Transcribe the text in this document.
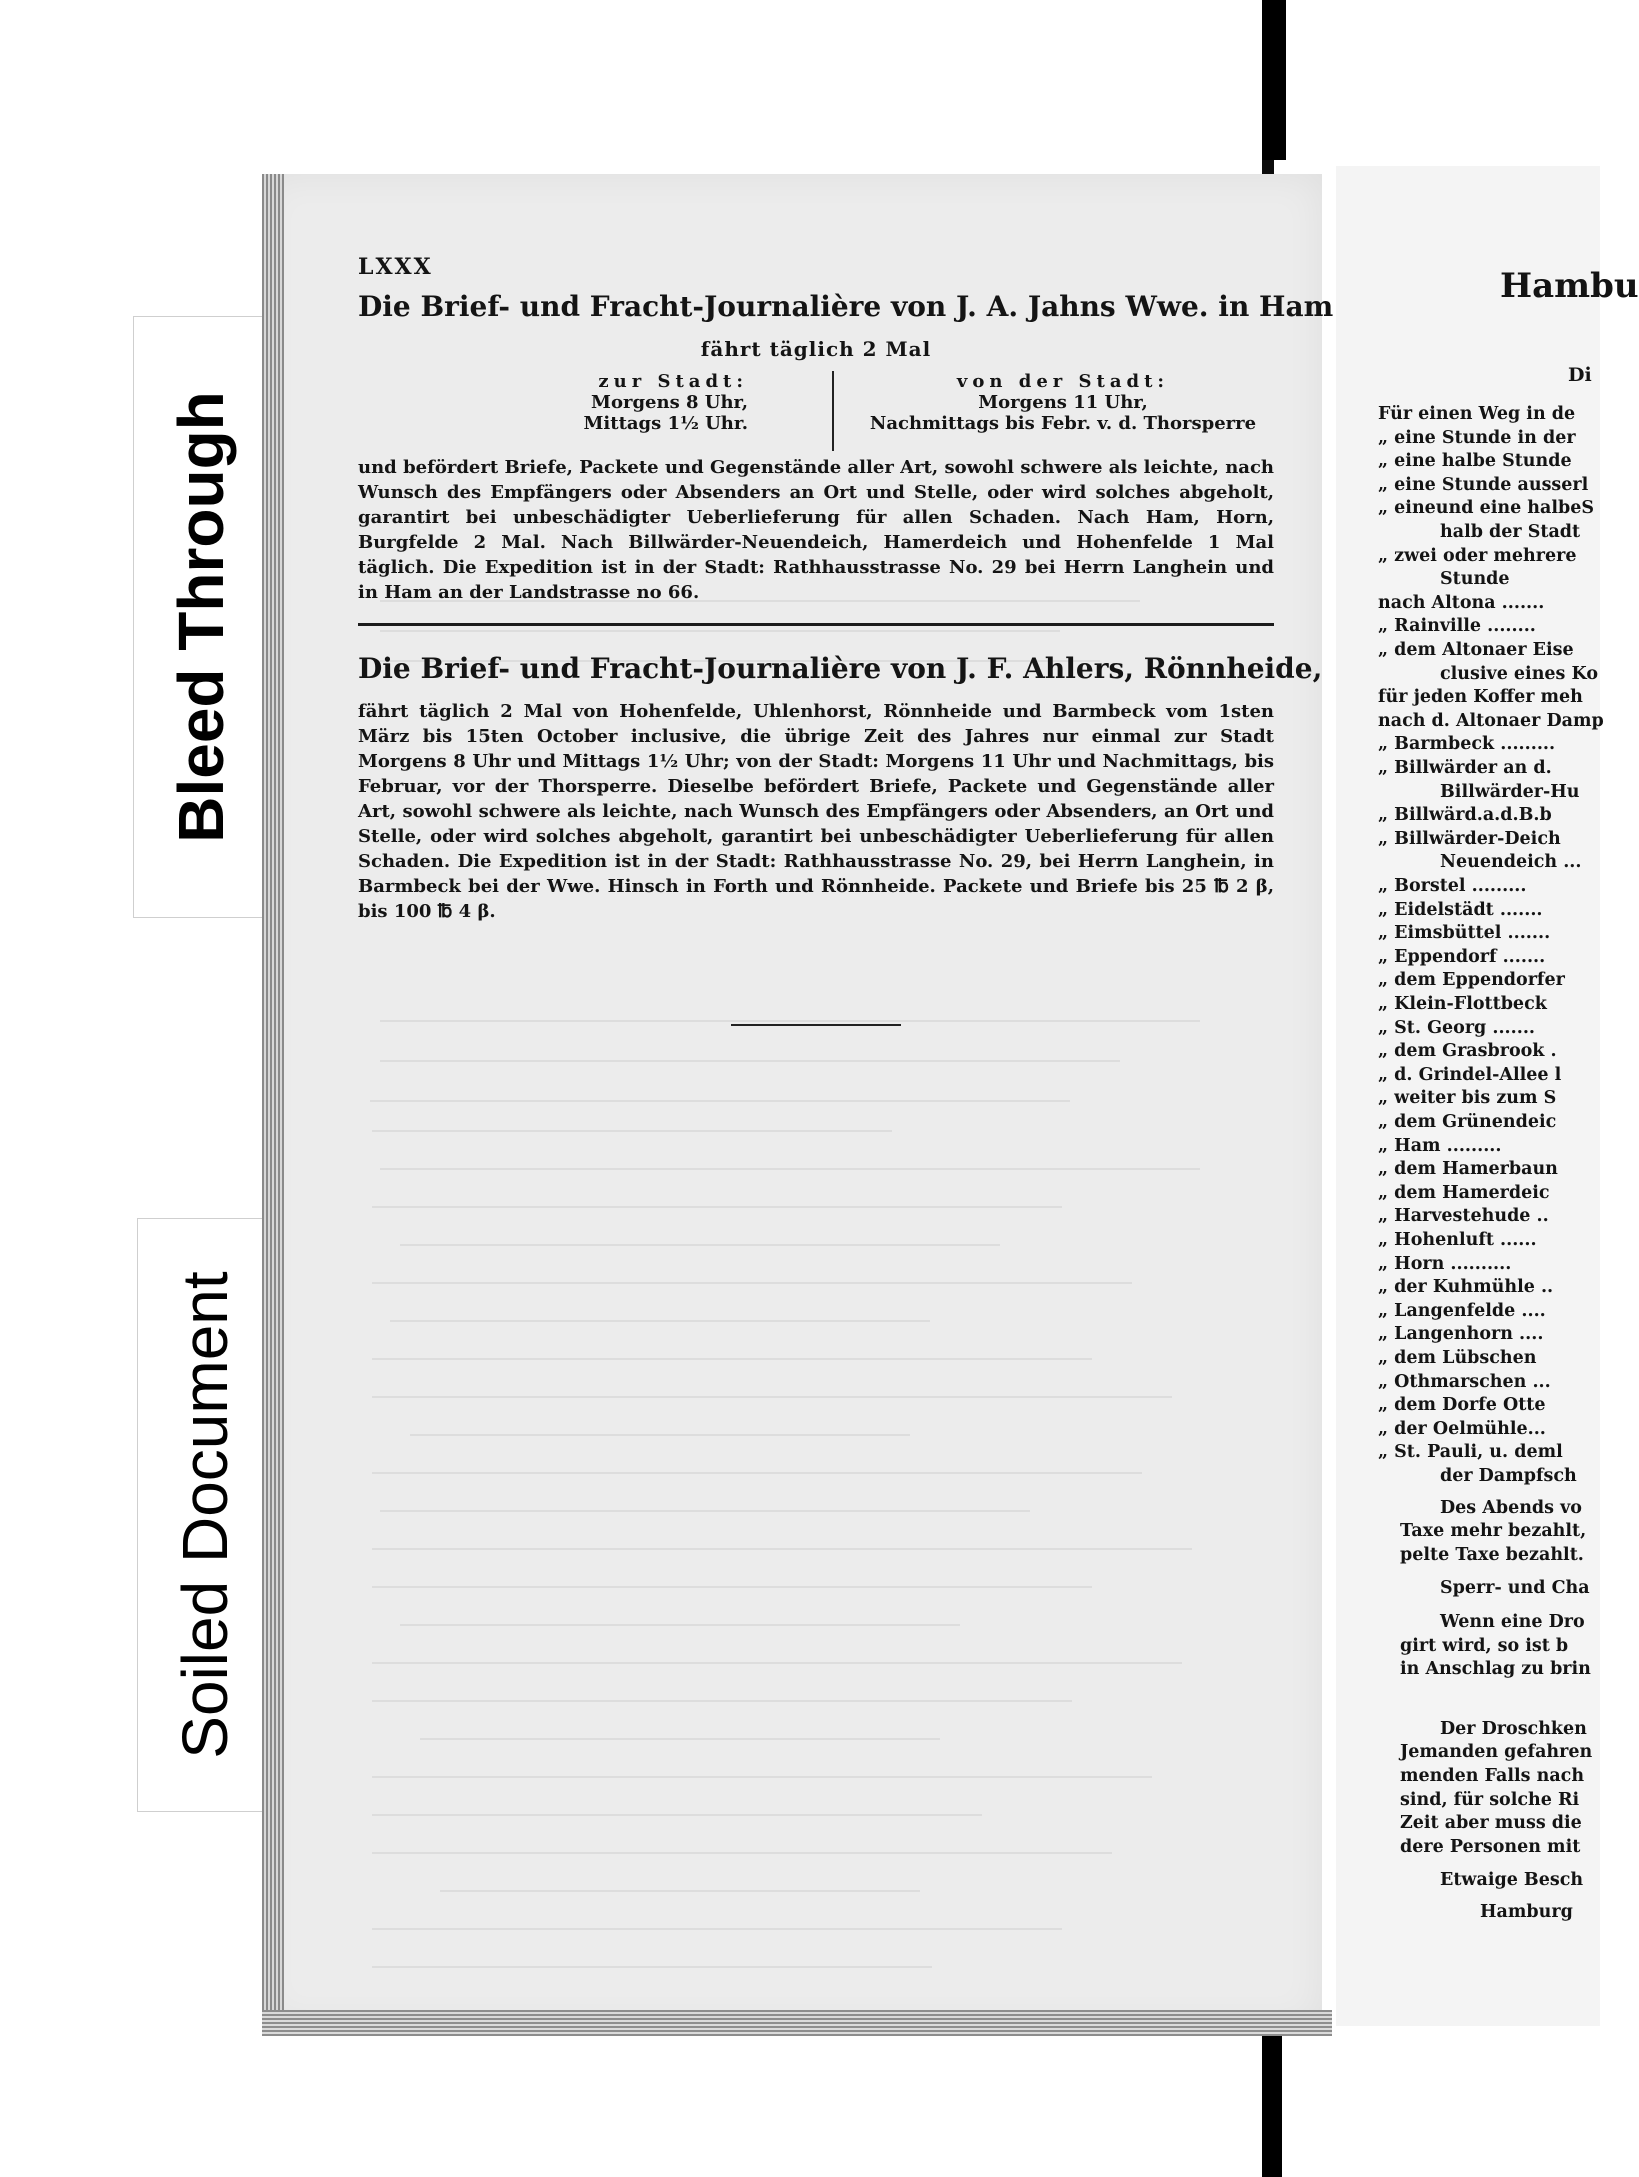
Bleed Through
Soiled Document
Hambu
Di
Für einen Weg in de
„ eine Stunde in der
„ eine halbe Stunde
„ eine Stunde ausserl
„ eineund eine halbeS
halb der Stadt
„ zwei oder mehrere
Stunde
nach Altona .......
„ Rainville ........
„ dem Altonaer Eise
clusive eines Ko
für jeden Koffer meh
nach d. Altonaer Damp
„ Barmbeck .........
„ Billwärder an d.
Billwärder-Hu
„ Billwärd.a.d.B.b
„ Billwärder-Deich
Neuendeich ...
„ Borstel .........
„ Eidelstädt .......
„ Eimsbüttel .......
„ Eppendorf .......
„ dem Eppendorfer
„ Klein-Flottbeck
„ St. Georg .......
„ dem Grasbrook .
„ d. Grindel-Allee l
„ weiter bis zum S
„ dem Grünendeic
„ Ham .........
„ dem Hamerbaun
„ dem Hamerdeic
„ Harvestehude ..
„ Hohenluft ......
„ Horn ..........
„ der Kuhmühle ..
„ Langenfelde ....
„ Langenhorn ....
„ dem Lübschen
„ Othmarschen ...
„ dem Dorfe Otte
„ der Oelmühle...
„ St. Pauli, u. deml
der Dampfsch
Des Abends vo
Taxe mehr bezahlt,
pelte Taxe bezahlt.
Sperr- und Cha
Wenn eine Dro
girt wird, so ist b
in Anschlag zu brin
Der Droschken
Jemanden gefahren
menden Falls nach
sind, für solche Ri
Zeit aber muss die
dere Personen mit
Etwaige Besch
Hamburg
LXXX
Die Brief- und Fracht-Journalière von J. A. Jahns Wwe. in Ham
fährt täglich 2 Mal
zur Stadt:
Morgens 8 Uhr,
Mittags 1½ Uhr.
von der Stadt:
Morgens 11 Uhr,
Nachmittags bis Febr. v. d. Thorsperre
und befördert Briefe, Packete und Gegenstände aller Art, sowohl schwere als leichte, nach Wunsch des Empfängers oder Absenders an Ort und Stelle, oder wird solches abgeholt, garantirt bei unbeschädigter Ueberlieferung für allen Schaden. Nach Ham, Horn, Burgfelde 2 Mal. Nach Billwärder-Neuendeich, Hamerdeich und Hohenfelde 1 Mal täglich. Die Expedition ist in der Stadt: Rathhausstrasse No. 29 bei Herrn Langhein und in Ham an der Landstrasse no 66.
Die Brief- und Fracht-Journalière von J. F. Ahlers, Rönnheide,
fährt täglich 2 Mal von Hohenfelde, Uhlenhorst, Rönnheide und Barmbeck vom 1sten März bis 15ten October inclusive, die übrige Zeit des Jahres nur einmal zur Stadt Morgens 8 Uhr und Mittags 1½ Uhr; von der Stadt: Morgens 11 Uhr und Nachmittags, bis Februar, vor der Thorsperre. Dieselbe befördert Briefe, Packete und Gegenstände aller Art, sowohl schwere als leichte, nach Wunsch des Empfängers oder Absenders, an Ort und Stelle, oder wird solches abgeholt, garantirt bei unbeschädigter Ueberlieferung für allen Schaden. Die Expedition ist in der Stadt: Rathhausstrasse No. 29, bei Herrn Langhein, in Barmbeck bei der Wwe. Hinsch in Forth und Rönnheide. Packete und Briefe bis 25 ℔ 2 β, bis 100 ℔ 4 β.
